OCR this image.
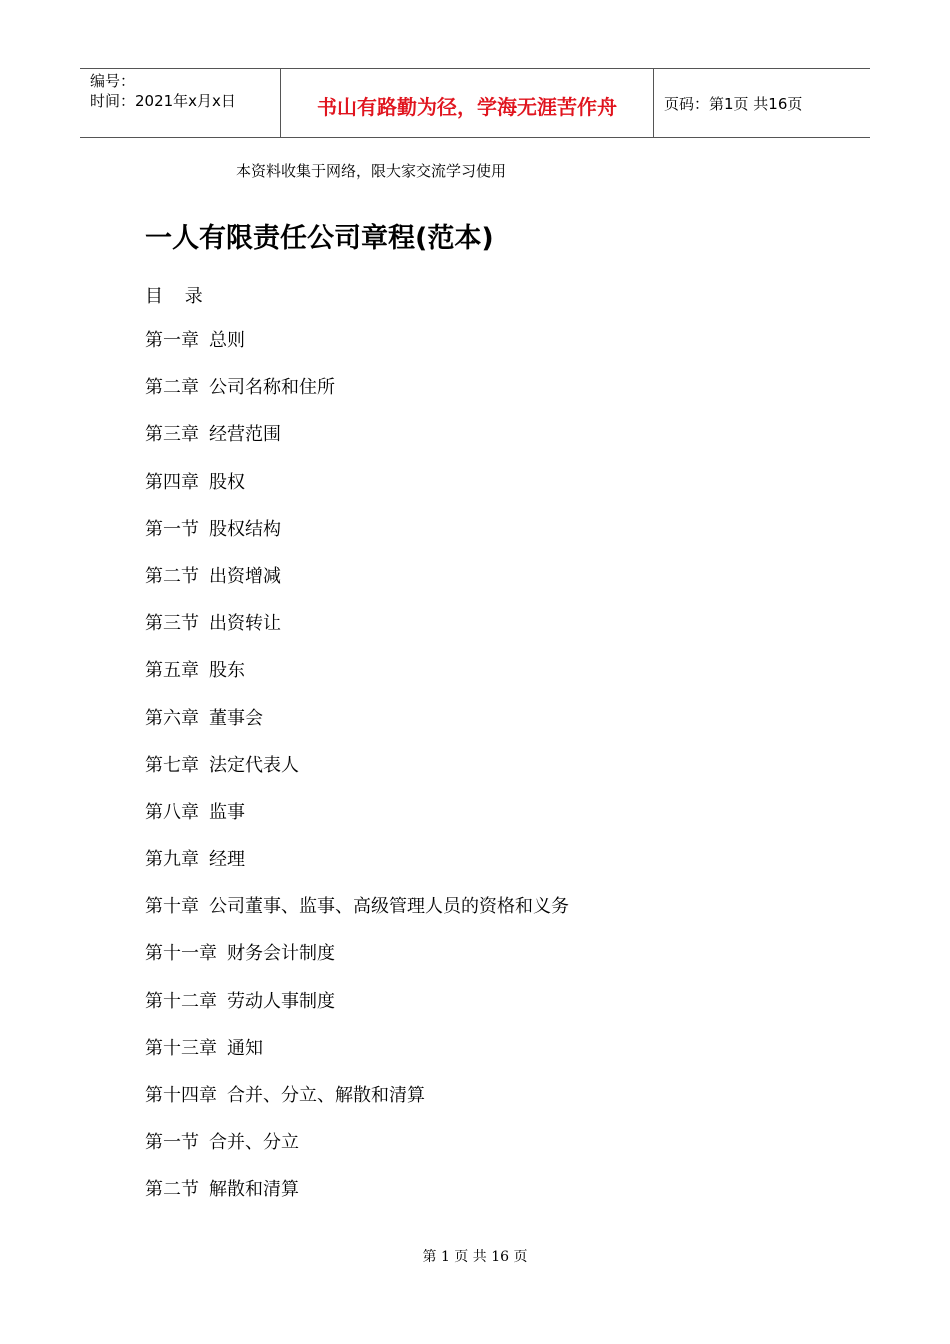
编号：
时间：2021年x月x日	书山有路勤为径，学海无涯苦作舟	页码：第1页 共16页
本资料收集于网络，限大家交流学习使用
一人有限责任公司章程(范本)
目 录
第一章 总则
第二章 公司名称和住所
第三章 经营范围
第四章 股权
第一节 股权结构
第二节 出资增减
第三节 出资转让
第五章 股东
第六章 董事会
第七章 法定代表人
第八章 监事
第九章 经理
第十章 公司董事、监事、高级管理人员的资格和义务
第十一章 财务会计制度
第十二章 劳动人事制度
第十三章 通知
第十四章 合并、分立、解散和清算
第一节 合并、分立
第二节 解散和清算
第 1 页 共 16 页
